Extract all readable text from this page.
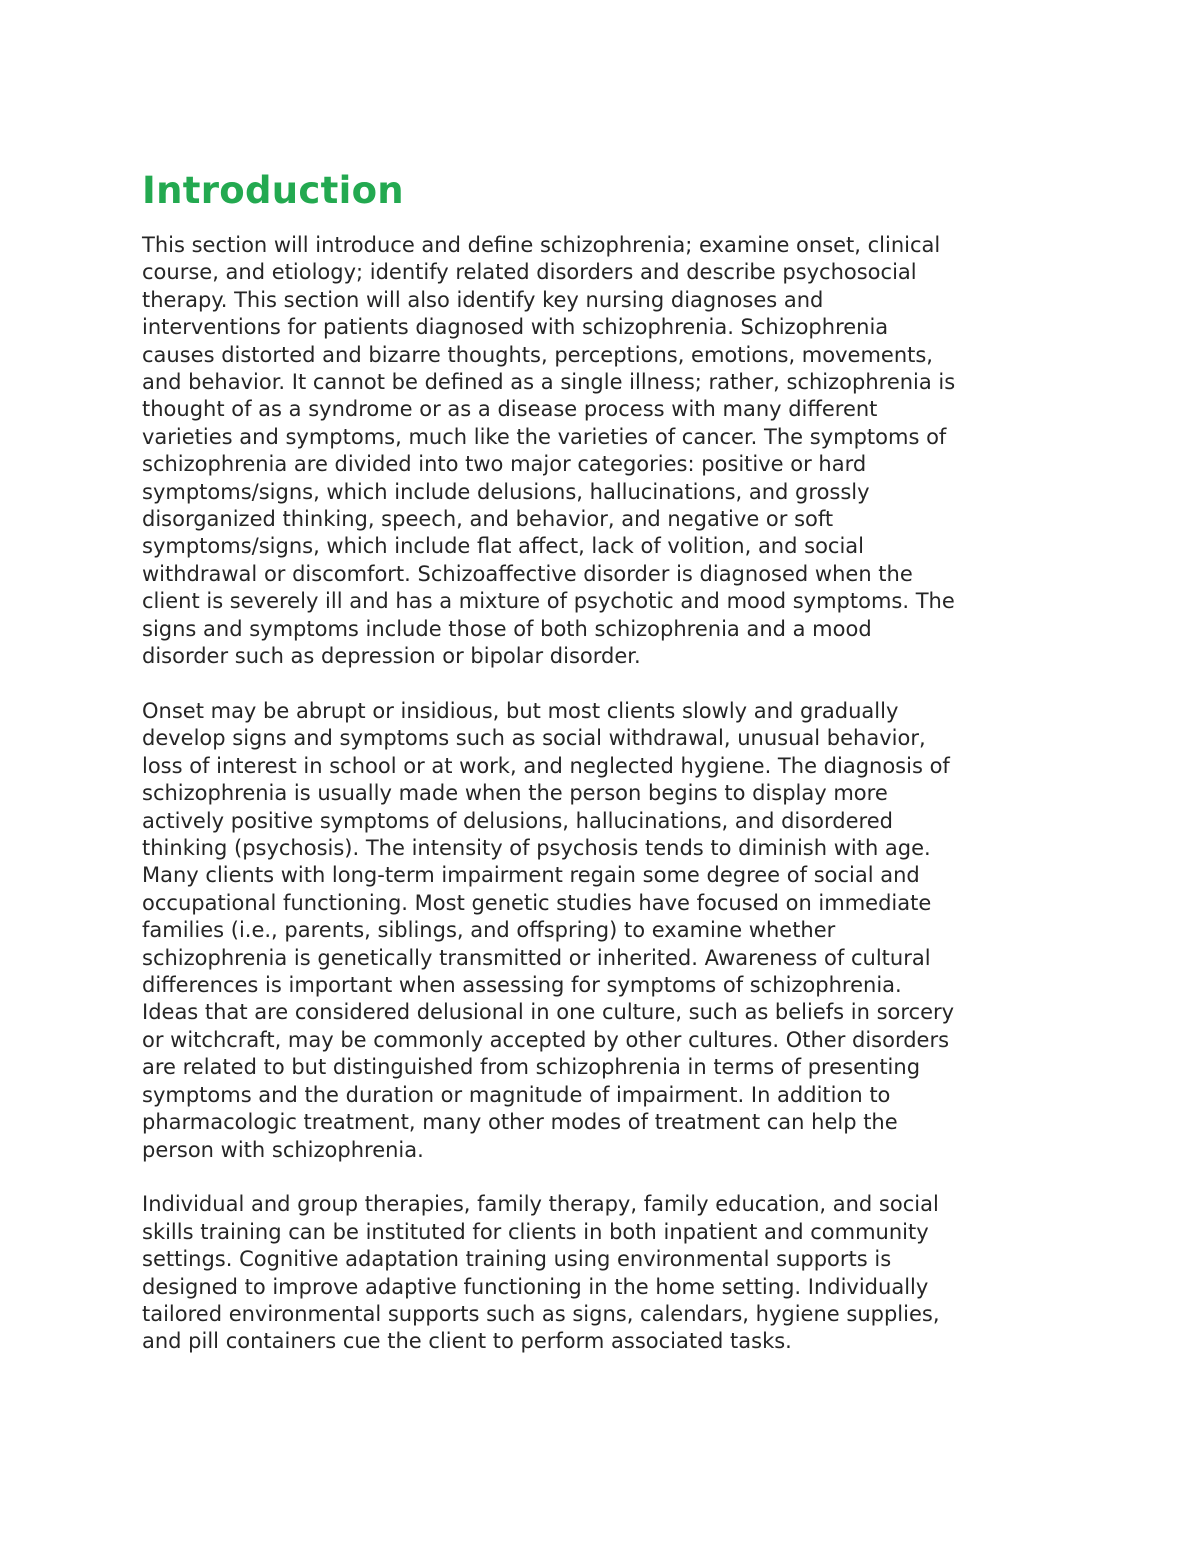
Introduction

This section will introduce and define schizophrenia; examine onset, clinical
course, and etiology; identify related disorders and describe psychosocial
therapy. This section will also identify key nursing diagnoses and
interventions for patients diagnosed with schizophrenia. Schizophrenia
causes distorted and bizarre thoughts, perceptions, emotions, movements,
and behavior. It cannot be defined as a single illness; rather, schizophrenia is
thought of as a syndrome or as a disease process with many different
varieties and symptoms, much like the varieties of cancer. The symptoms of
schizophrenia are divided into two major categories: positive or hard
symptoms/signs, which include delusions, hallucinations, and grossly
disorganized thinking, speech, and behavior, and negative or soft
symptoms/signs, which include flat affect, lack of volition, and social
withdrawal or discomfort. Schizoaffective disorder is diagnosed when the
client is severely ill and has a mixture of psychotic and mood symptoms. The
signs and symptoms include those of both schizophrenia and a mood
disorder such as depression or bipolar disorder.

Onset may be abrupt or insidious, but most clients slowly and gradually
develop signs and symptoms such as social withdrawal, unusual behavior,
loss of interest in school or at work, and neglected hygiene. The diagnosis of
schizophrenia is usually made when the person begins to display more
actively positive symptoms of delusions, hallucinations, and disordered
thinking (psychosis). The intensity of psychosis tends to diminish with age.
Many clients with long-term impairment regain some degree of social and
occupational functioning. Most genetic studies have focused on immediate
families (i.e., parents, siblings, and offspring) to examine whether
schizophrenia is genetically transmitted or inherited. Awareness of cultural
differences is important when assessing for symptoms of schizophrenia.
Ideas that are considered delusional in one culture, such as beliefs in sorcery
or witchcraft, may be commonly accepted by other cultures. Other disorders
are related to but distinguished from schizophrenia in terms of presenting
symptoms and the duration or magnitude of impairment. In addition to
pharmacologic treatment, many other modes of treatment can help the
person with schizophrenia.

Individual and group therapies, family therapy, family education, and social
skills training can be instituted for clients in both inpatient and community
settings. Cognitive adaptation training using environmental supports is
designed to improve adaptive functioning in the home setting. Individually
tailored environmental supports such as signs, calendars, hygiene supplies,
and pill containers cue the client to perform associated tasks.
